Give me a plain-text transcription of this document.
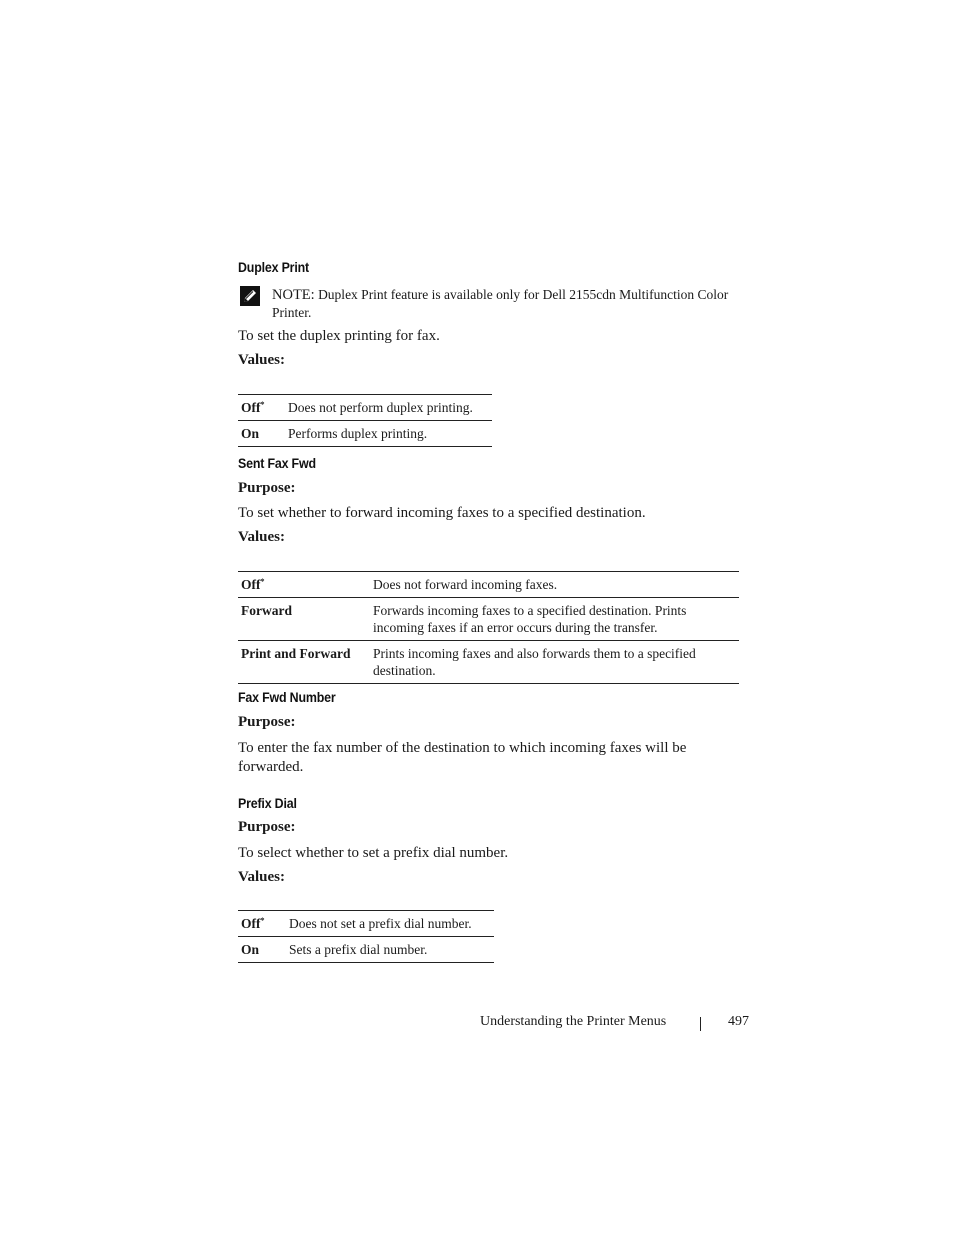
Duplex Print
NOTE: Duplex Print feature is available only for Dell 2155cdn Multifunction Color Printer.
To set the duplex printing for fax.
Values:
Off*	Does not perform duplex printing.
On	Performs duplex printing.
Sent Fax Fwd
Purpose:
To set whether to forward incoming faxes to a specified destination.
Values:
Off*	Does not forward incoming faxes.
Forward	Forwards incoming faxes to a specified destination. Prints incoming faxes if an error occurs during the transfer.
Print and Forward	Prints incoming faxes and also forwards them to a specified destination.
Fax Fwd Number
Purpose:
To enter the fax number of the destination to which incoming faxes will be forwarded.
Prefix Dial
Purpose:
To select whether to set a prefix dial number.
Values:
Off*	Does not set a prefix dial number.
On	Sets a prefix dial number.
Understanding the Printer Menus	497
